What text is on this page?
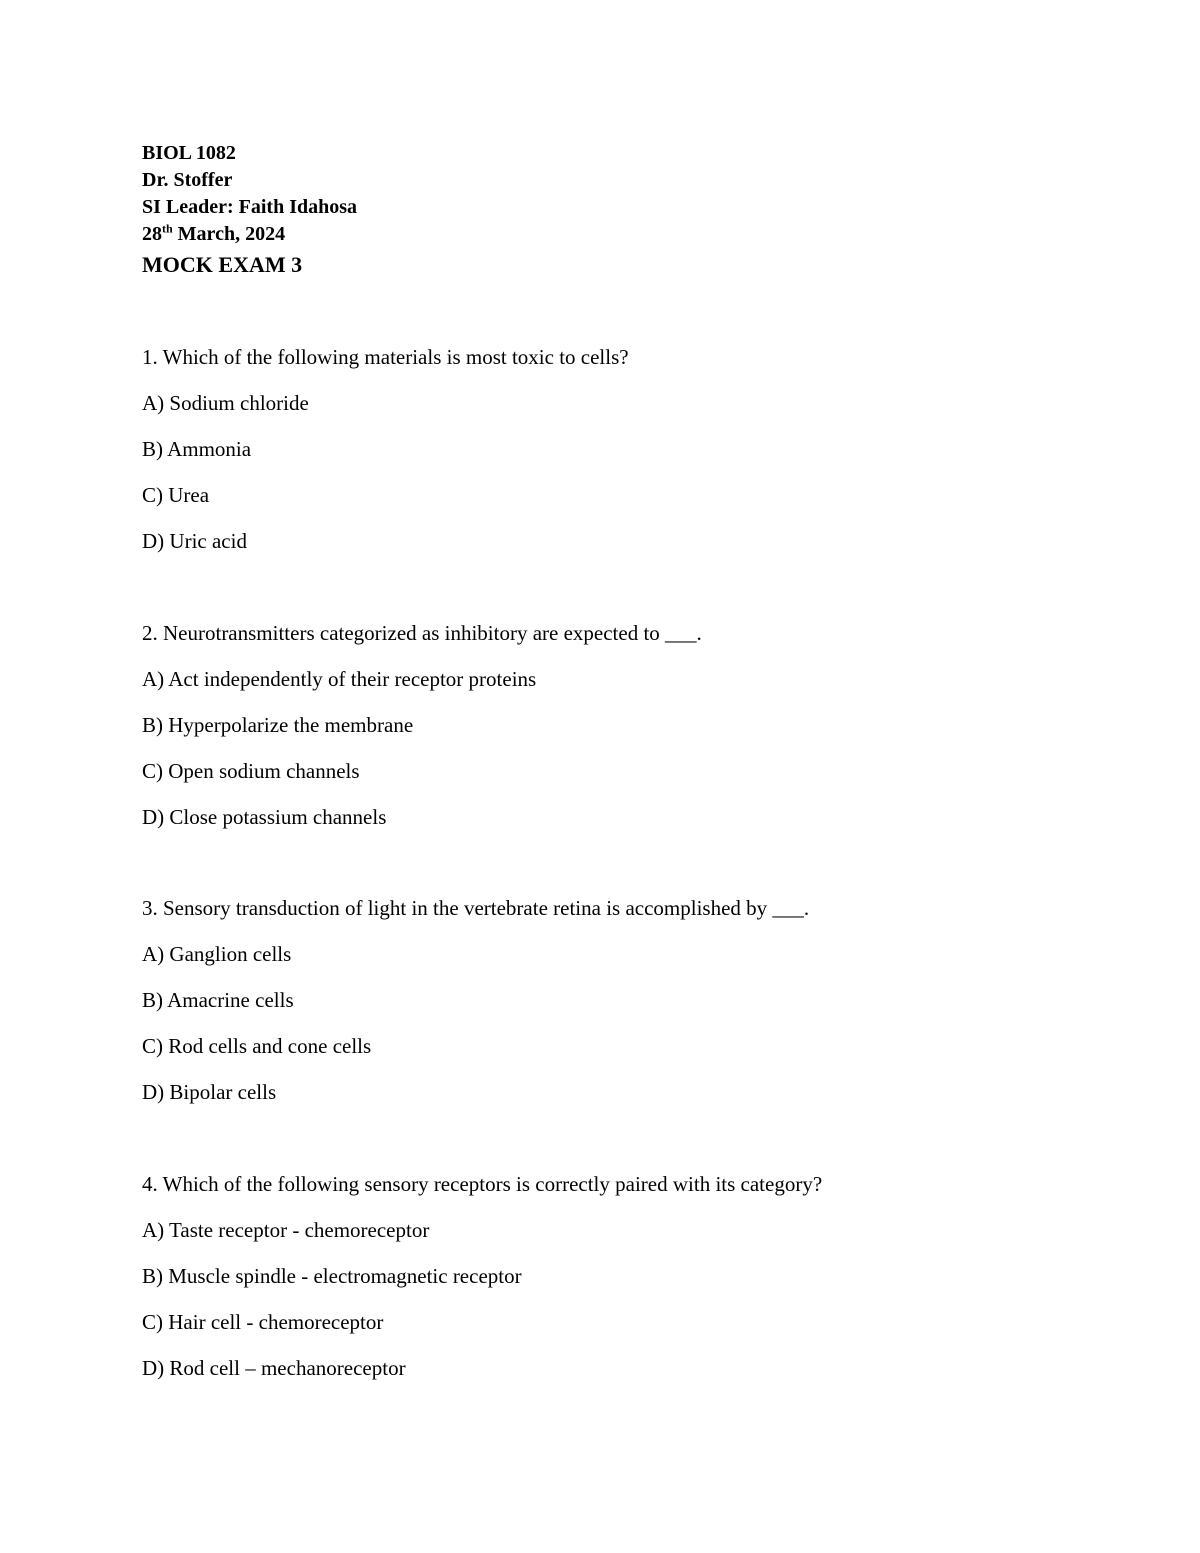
BIOL 1082
Dr. Stoffer
SI Leader: Faith Idahosa
28th March, 2024
MOCK EXAM 3
1. Which of the following materials is most toxic to cells?
A) Sodium chloride
B) Ammonia
C) Urea
D) Uric acid
2. Neurotransmitters categorized as inhibitory are expected to ___.
A) Act independently of their receptor proteins
B) Hyperpolarize the membrane
C) Open sodium channels
D) Close potassium channels
3. Sensory transduction of light in the vertebrate retina is accomplished by ___.
A) Ganglion cells
B) Amacrine cells
C) Rod cells and cone cells
D) Bipolar cells
4. Which of the following sensory receptors is correctly paired with its category?
A) Taste receptor - chemoreceptor
B) Muscle spindle - electromagnetic receptor
C) Hair cell - chemoreceptor
D) Rod cell – mechanoreceptor
